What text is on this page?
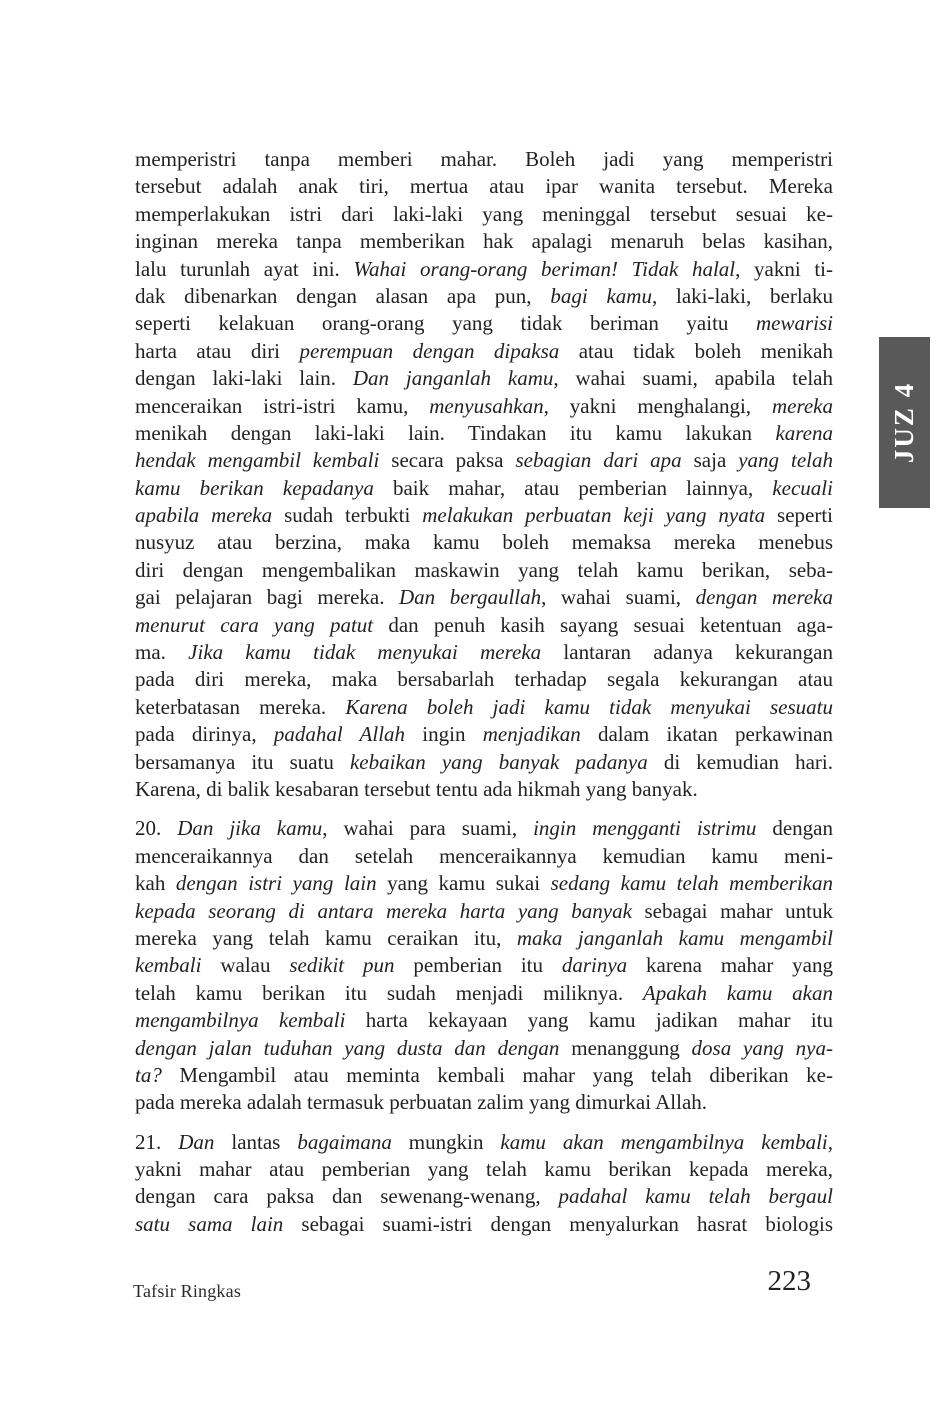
JUZ 4
memperistri tanpa memberi mahar. Boleh jadi yang memperistri
tersebut adalah anak tiri, mertua atau ipar wanita tersebut. Mereka
memperlakukan istri dari laki-laki yang meninggal tersebut sesuai ke-
inginan mereka tanpa memberikan hak apalagi menaruh belas kasihan,
lalu turunlah ayat ini. Wahai orang-orang beriman! Tidak halal, yakni ti-
dak dibenarkan dengan alasan apa pun, bagi kamu, laki-laki, berlaku
seperti kelakuan orang-orang yang tidak beriman yaitu mewarisi
harta atau diri perempuan dengan dipaksa atau tidak boleh menikah
dengan laki-laki lain. Dan janganlah kamu, wahai suami, apabila telah
menceraikan istri-istri kamu, menyusahkan, yakni menghalangi, mereka
menikah dengan laki-laki lain. Tindakan itu kamu lakukan karena
hendak mengambil kembali secara paksa sebagian dari apa saja yang telah
kamu berikan kepadanya baik mahar, atau pemberian lainnya, kecuali
apabila mereka sudah terbukti melakukan perbuatan keji yang nyata seperti
nusyuz atau berzina, maka kamu boleh memaksa mereka menebus
diri dengan mengembalikan maskawin yang telah kamu berikan, seba-
gai pelajaran bagi mereka. Dan bergaullah, wahai suami, dengan mereka
menurut cara yang patut dan penuh kasih sayang sesuai ketentuan aga-
ma. Jika kamu tidak menyukai mereka lantaran adanya kekurangan
pada diri mereka, maka bersabarlah terhadap segala kekurangan atau
keterbatasan mereka. Karena boleh jadi kamu tidak menyukai sesuatu
pada dirinya, padahal Allah ingin menjadikan dalam ikatan perkawinan
bersamanya itu suatu kebaikan yang banyak padanya di kemudian hari.
Karena, di balik kesabaran tersebut tentu ada hikmah yang banyak.
20. Dan jika kamu, wahai para suami, ingin mengganti istrimu dengan
menceraikannya dan setelah menceraikannya kemudian kamu meni-
kah dengan istri yang lain yang kamu sukai sedang kamu telah memberikan
kepada seorang di antara mereka harta yang banyak sebagai mahar untuk
mereka yang telah kamu ceraikan itu, maka janganlah kamu mengambil
kembali walau sedikit pun pemberian itu darinya karena mahar yang
telah kamu berikan itu sudah menjadi miliknya. Apakah kamu akan
mengambilnya kembali harta kekayaan yang kamu jadikan mahar itu
dengan jalan tuduhan yang dusta dan dengan menanggung dosa yang nya-
ta? Mengambil atau meminta kembali mahar yang telah diberikan ke-
pada mereka adalah termasuk perbuatan zalim yang dimurkai Allah.
21. Dan lantas bagaimana mungkin kamu akan mengambilnya kembali,
yakni mahar atau pemberian yang telah kamu berikan kepada mereka,
dengan cara paksa dan sewenang-wenang, padahal kamu telah bergaul
satu sama lain sebagai suami-istri dengan menyalurkan hasrat biologis
Tafsir Ringkas	223
